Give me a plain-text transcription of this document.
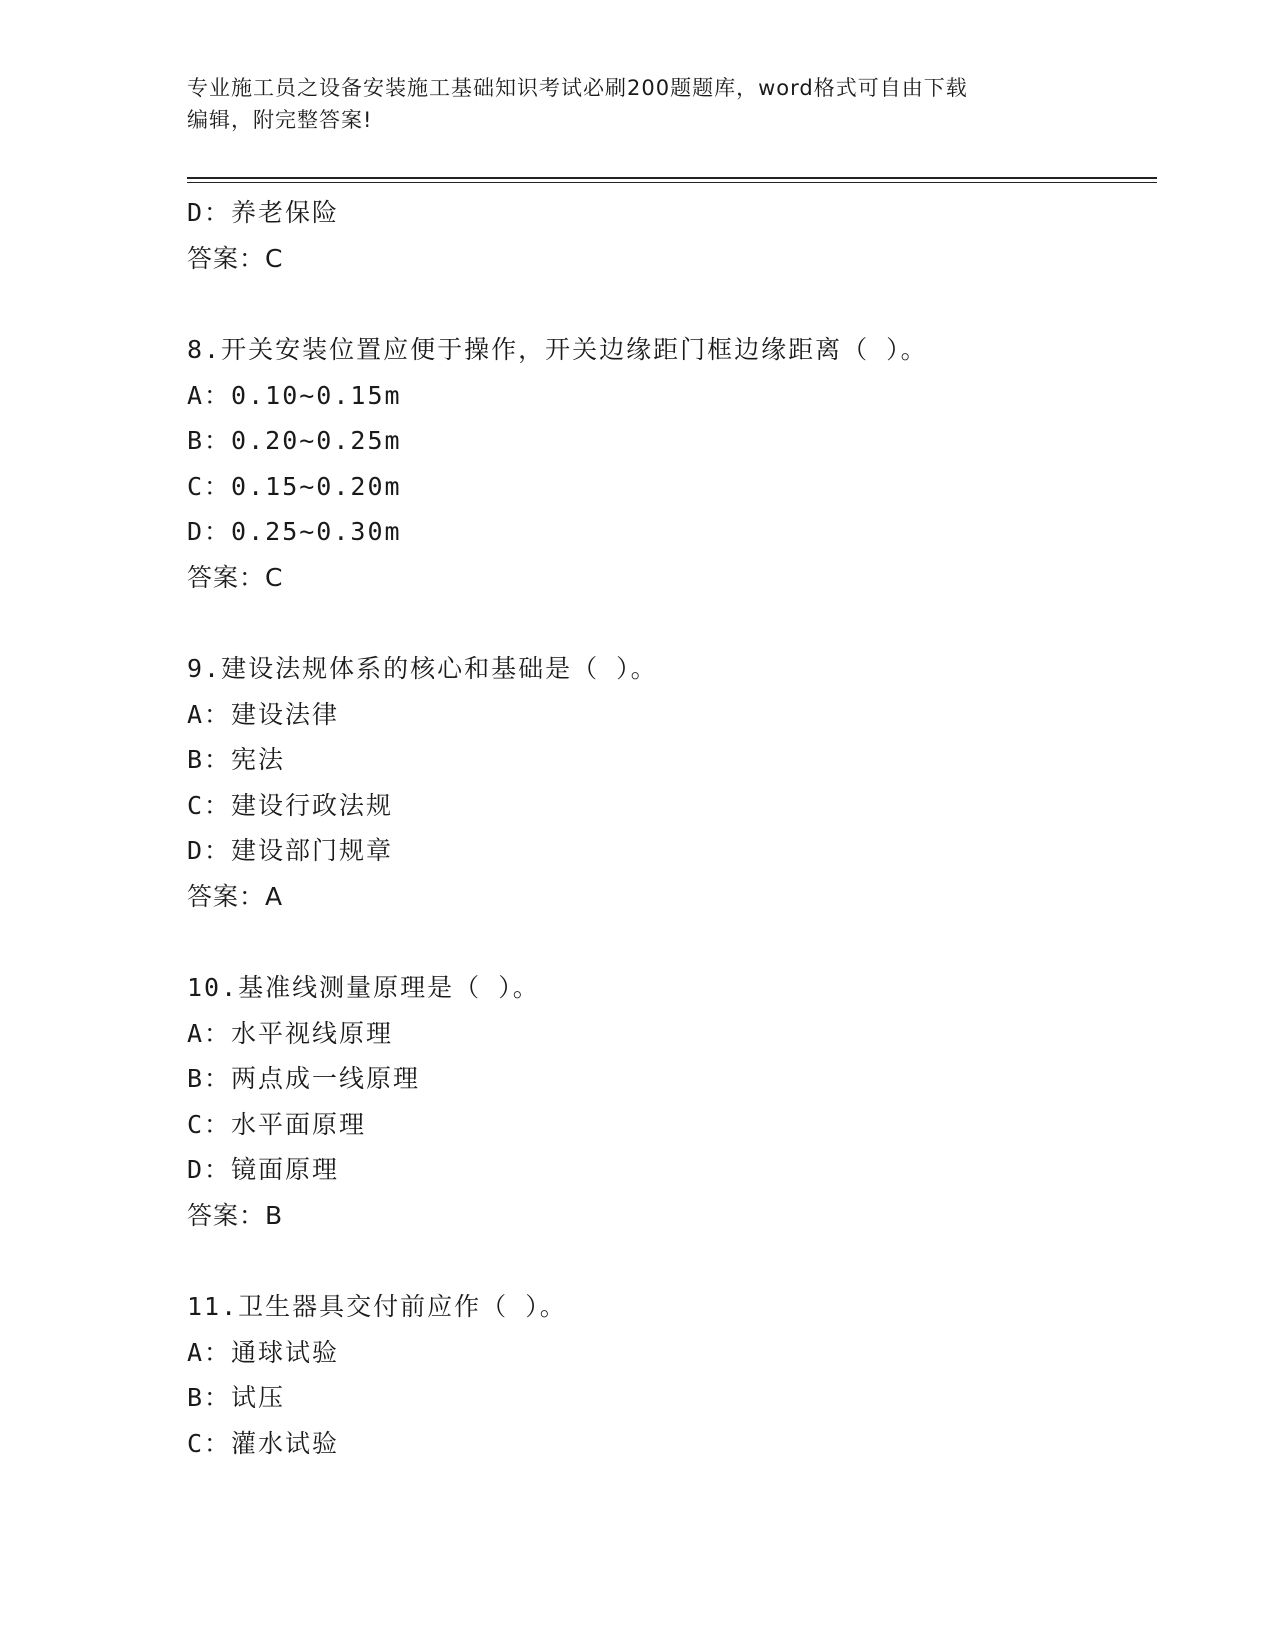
专业施工员之设备安装施工基础知识考试必刷200题题库，word格式可自由下载
编辑，附完整答案!
D：养老保险
答案：C
8.开关安装位置应便于操作，开关边缘距门框边缘距离（ ）。
A：0.10~0.15m
B：0.20~0.25m
C：0.15~0.20m
D：0.25~0.30m
答案：C
9.建设法规体系的核心和基础是（ ）。
A：建设法律
B：宪法
C：建设行政法规
D：建设部门规章
答案：A
10.基准线测量原理是（ ）。
A：水平视线原理
B：两点成一线原理
C：水平面原理
D：镜面原理
答案：B
11.卫生器具交付前应作（ ）。
A：通球试验
B：试压
C：灌水试验
